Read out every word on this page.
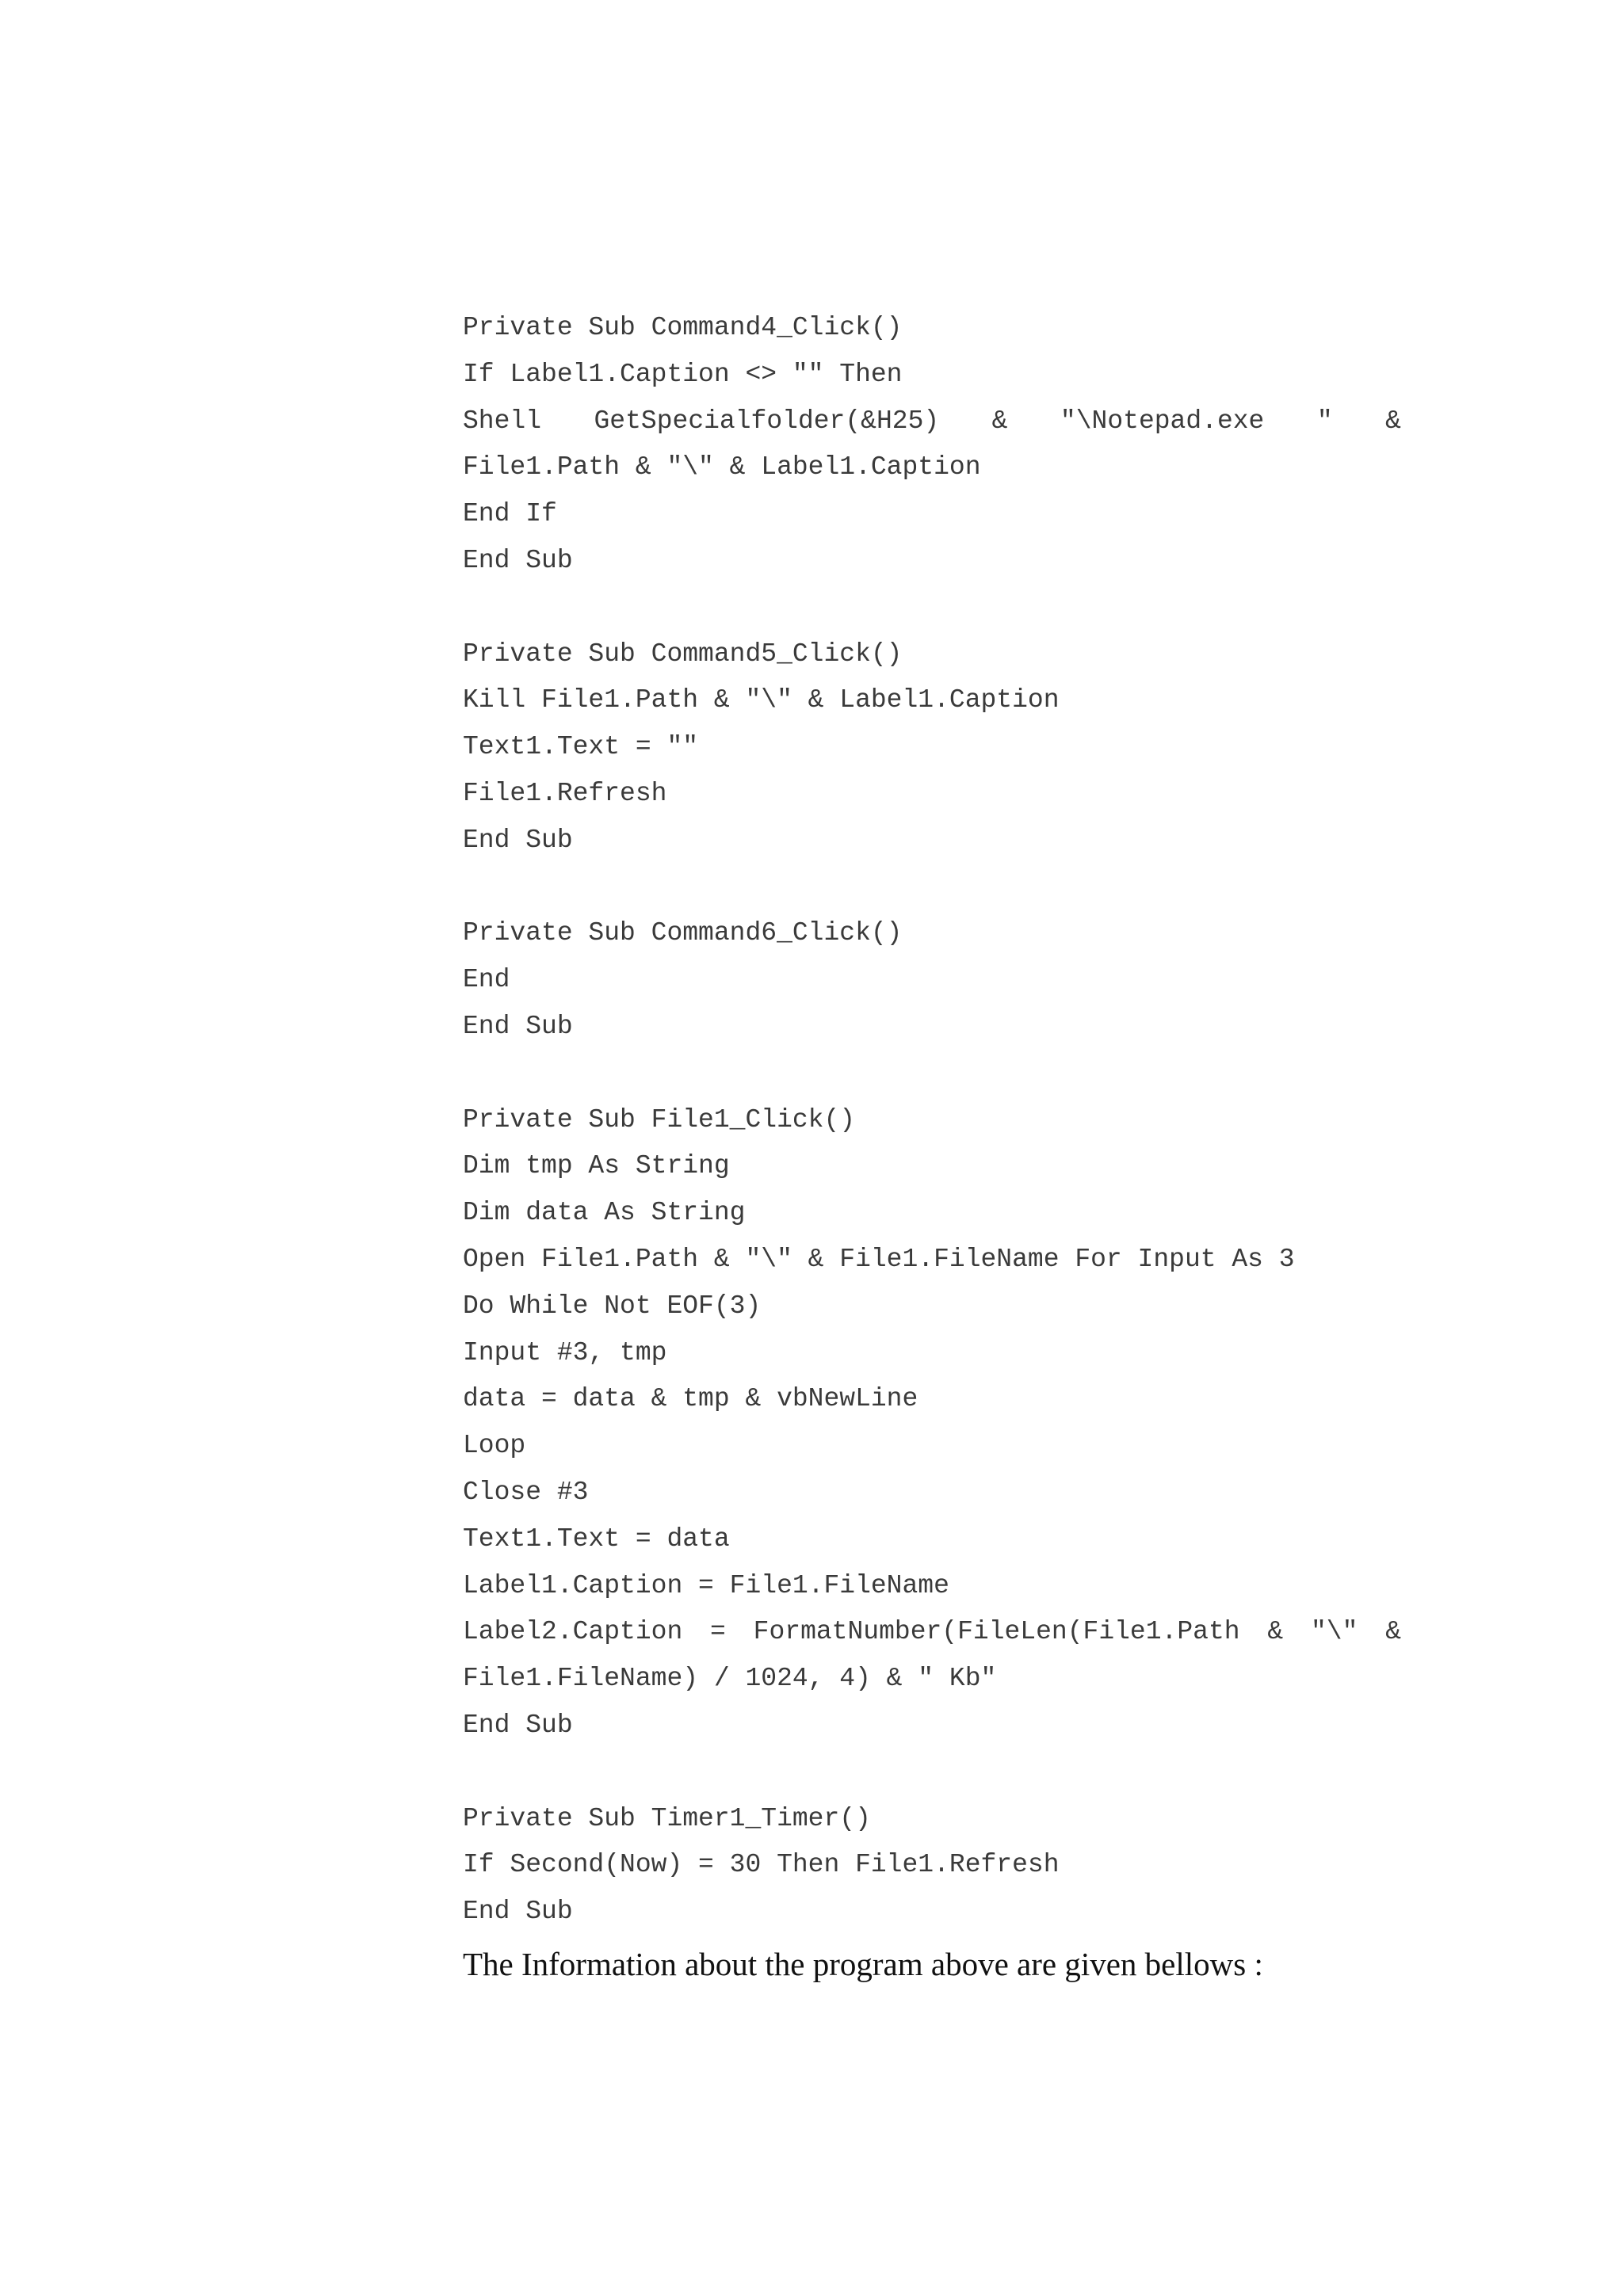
Private Sub Command4_Click()
If Label1.Caption <> "" Then
Shell GetSpecialfolder(&H25) & "\Notepad.exe " &
File1.Path & "\" & Label1.Caption
End If
End Sub
Private Sub Command5_Click()
Kill File1.Path & "\" & Label1.Caption
Text1.Text = ""
File1.Refresh
End Sub
Private Sub Command6_Click()
End
End Sub
Private Sub File1_Click()
Dim tmp As String
Dim data As String
Open File1.Path & "\" & File1.FileName For Input As 3
Do While Not EOF(3)
Input #3, tmp
data = data & tmp & vbNewLine
Loop
Close #3
Text1.Text = data
Label1.Caption = File1.FileName
Label2.Caption = FormatNumber(FileLen(File1.Path & "\" &
File1.FileName) / 1024, 4) & " Kb"
End Sub
Private Sub Timer1_Timer()
If Second(Now) = 30 Then File1.Refresh
End Sub
The Information about the program above are given bellows :
